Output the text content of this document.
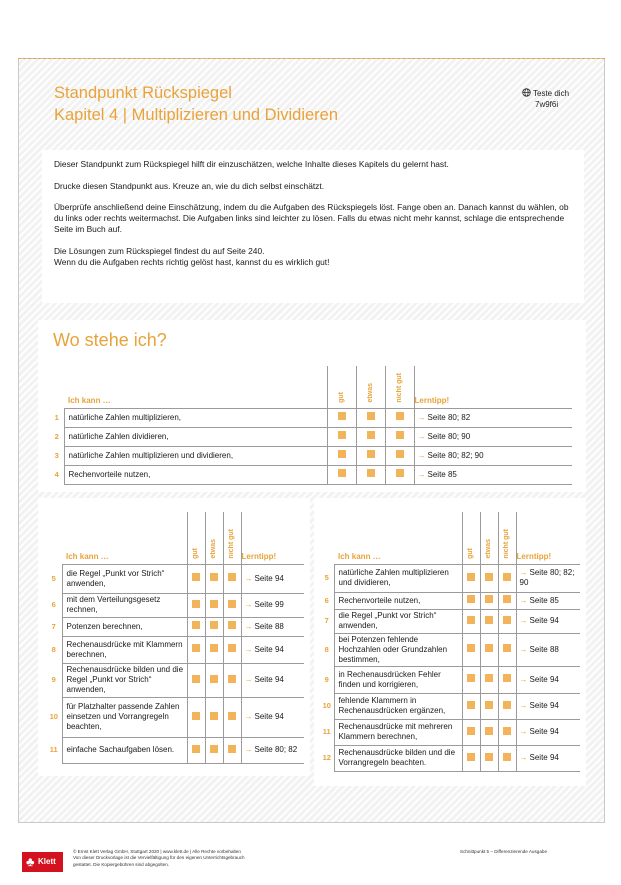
Standpunkt Rückspiegel
Kapitel 4 | Multiplizieren und Dividieren
Teste dich
7w9f6i

Dieser Standpunkt zum Rückspiegel hilft dir einzuschätzen, welche Inhalte dieses Kapitels du gelernt hast.

Drucke diesen Standpunkt aus. Kreuze an, wie du dich selbst einschätzt.

Überprüfe anschließend deine Einschätzung, indem du die Aufgaben des Rückspiegels löst. Fange oben an. Danach kannst du wählen, ob du links oder rechts weitermachst. Die Aufgaben links sind leichter zu lösen. Falls du etwas nicht mehr kannst, schlage die entsprechende Seite im Buch auf.

Die Lösungen zum Rückspiegel findest du auf Seite 240.

Wenn du die Aufgaben rechts richtig gelöst hast, kannst du es wirklich gut!

Wo stehe ich?
	Ich kann …	gut	etwas	nicht gut	Lerntipp!
1	natürliche Zahlen multiplizieren,				→ Seite 80; 82
2	natürliche Zahlen dividieren,				→ Seite 80; 90
3	natürliche Zahlen multiplizieren und dividieren,				→ Seite 80; 82; 90
4	Rechenvorteile nutzen,				→ Seite 85
	Ich kann …	gut	etwas	nicht gut	Lerntipp!
5	die Regel „Punkt vor Strich“ anwenden,				→ Seite 94
6	mit dem Verteilungsgesetz rechnen,				→ Seite 99
7	Potenzen berechnen,				→ Seite 88
8	Rechenausdrücke mit Klammern berechnen,				→ Seite 94
9	Rechenausdrücke bilden und die Regel „Punkt vor Strich“ anwenden,				→ Seite 94
10	für Platzhalter passende Zahlen einsetzen und Vorrangregeln beachten,				→ Seite 94
11	einfache Sachaufgaben lösen.				→ Seite 80; 82
	Ich kann …	gut	etwas	nicht gut	Lerntipp!
5	natürliche Zahlen multiplizieren und dividieren,				→ Seite 80; 82; 90
6	Rechenvorteile nutzen,				→ Seite 85
7	die Regel „Punkt vor Strich“ anwenden,				→ Seite 94
8	bei Potenzen fehlende Hochzahlen oder Grundzahlen bestimmen,				→ Seite 88
9	in Rechenausdrücken Fehler finden und korrigieren,				→ Seite 94
10	fehlende Klammern in Rechenausdrücken ergänzen,				→ Seite 94
11	Rechenausdrücke mit mehreren Klammern berechnen,				→ Seite 94
12	Rechenausdrücke bilden und die Vorrangregeln beachten.				→ Seite 94
♣ Klett
© Ernst Klett Verlag GmbH, Stuttgart 2020 | www.klett.de | Alle Rechte vorbehalten
Von dieser Druckvorlage ist die Vervielfältigung für den eigenen Unterrichtsgebrauch
gestattet. Die Kopiergebühren sind abgegolten.
Schnittpunkt 5 – Differenzierende Ausgabe
